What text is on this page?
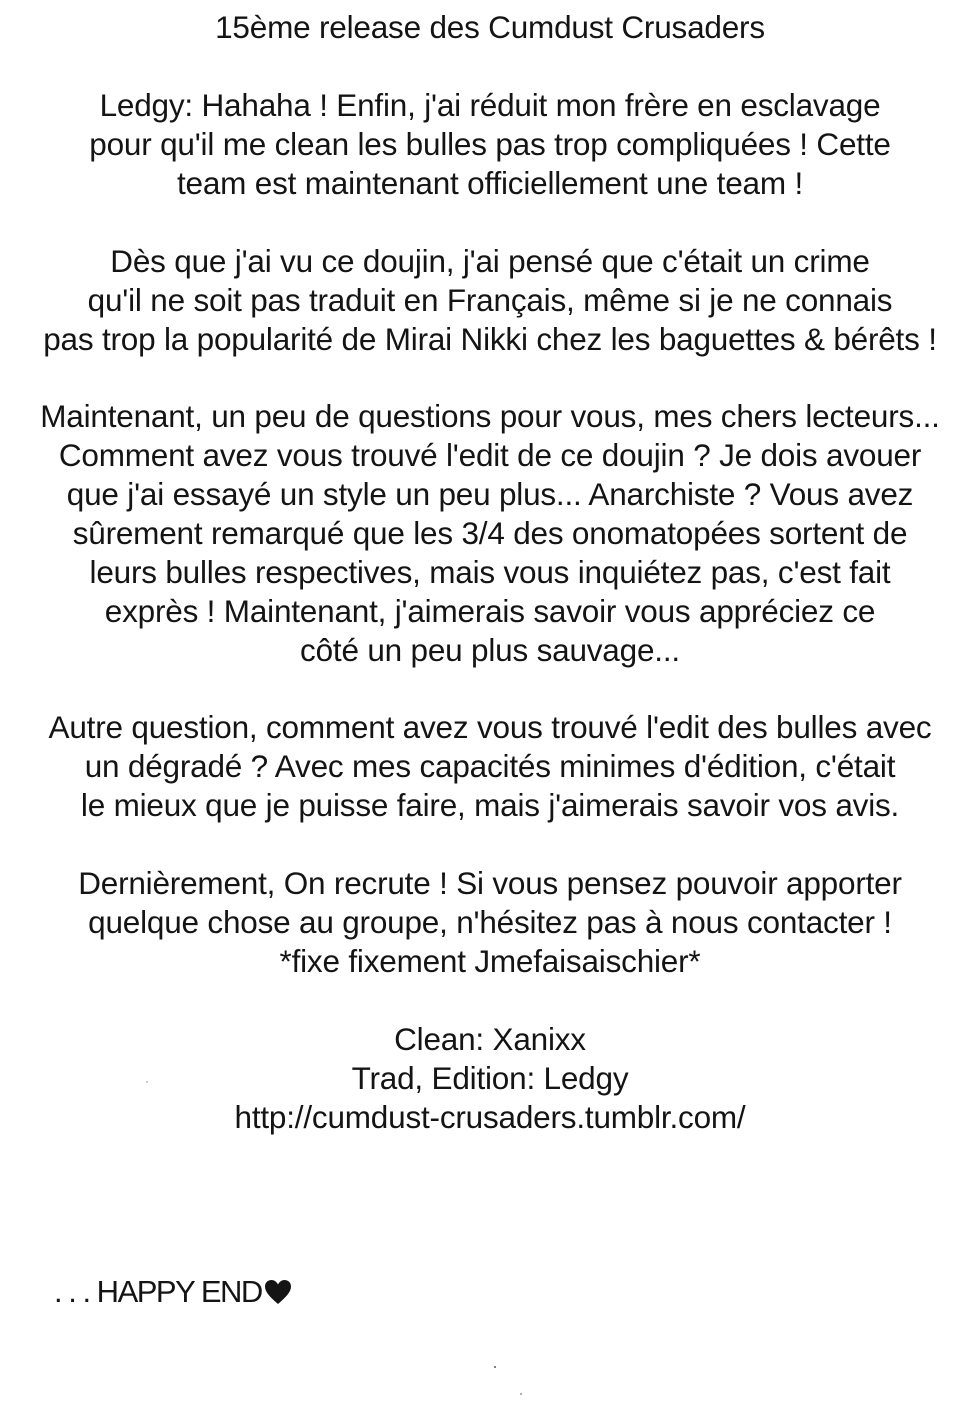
15ème release des Cumdust Crusaders
Ledgy: Hahaha ! Enfin, j'ai réduit mon frère en esclavage
pour qu'il me clean les bulles pas trop compliquées ! Cette
team est maintenant officiellement une team !
Dès que j'ai vu ce doujin, j'ai pensé que c'était un crime
qu'il ne soit pas traduit en Français, même si je ne connais
pas trop la popularité de Mirai Nikki chez les baguettes & bérêts !
Maintenant, un peu de questions pour vous, mes chers lecteurs...
Comment avez vous trouvé l'edit de ce doujin ? Je dois avouer
que j'ai essayé un style un peu plus... Anarchiste ? Vous avez
sûrement remarqué que les 3/4 des onomatopées sortent de
leurs bulles respectives, mais vous inquiétez pas, c'est fait
exprès ! Maintenant, j'aimerais savoir vous appréciez ce
côté un peu plus sauvage...
Autre question, comment avez vous trouvé l'edit des bulles avec
un dégradé ? Avec mes capacités minimes d'édition, c'était
le mieux que je puisse faire, mais j'aimerais savoir vos avis.
Dernièrement, On recrute ! Si vous pensez pouvoir apporter
quelque chose au groupe, n'hésitez pas à nous contacter !
*fixe fixement Jmefaisaischier*
Clean: Xanixx
Trad, Edition: Ledgy
http://cumdust-crusaders.tumblr.com/
. . . HAPPY END
